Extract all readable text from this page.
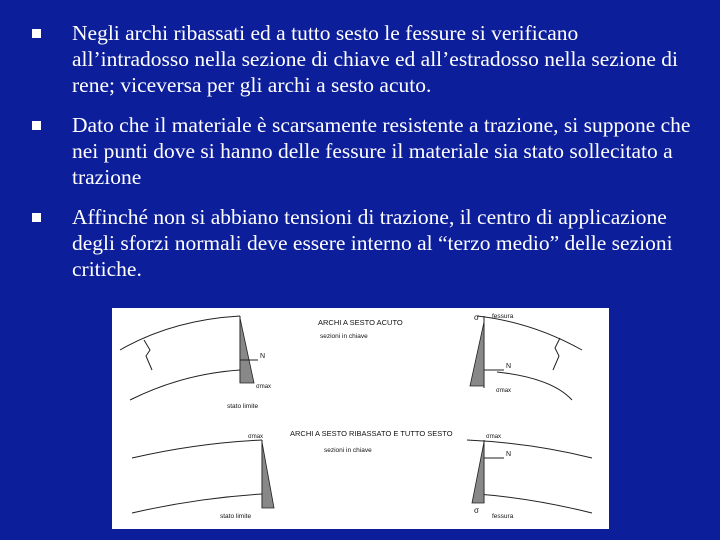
Negli archi ribassati ed a tutto sesto le fessure si verificano all’intradosso nella sezione di chiave ed all’estradosso nella sezione di rene; viceversa per gli archi a sesto acuto.
Dato che il materiale è scarsamente resistente a trazione, si suppone che nei punti dove si hanno delle fessure il materiale sia stato sollecitato a trazione
Affinché non si abbiano tensioni di trazione, il centro di applicazione degli sforzi normali deve essere interno al “terzo medio” delle sezioni critiche.
ARCHI A SESTO ACUTO
sezioni in chiave
ARCHI A SESTO RIBASSATO E TUTTO SESTO
sezioni in chiave
fessura
fessura
stato limite
stato limite
N
N
N
σ
σ
σmax
σmax	σmax
σmax
